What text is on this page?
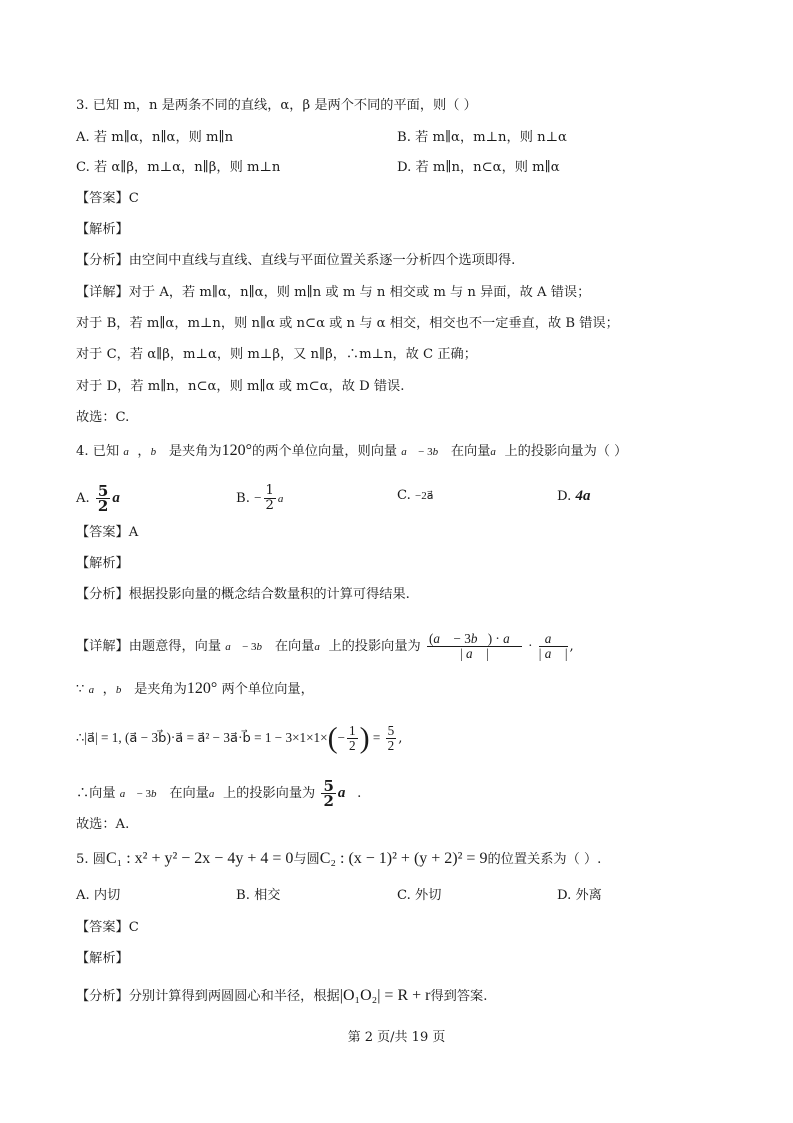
3. 已知 m，n 是两条不同的直线，α，β 是两个不同的平面，则（ ）
A. 若 m∥α，n∥α，则 m∥n	B. 若 m∥α，m⊥n，则 n⊥α
C. 若 α∥β，m⊥α，n∥β，则 m⊥n	D. 若 m∥n，n⊂α，则 m∥α
【答案】C
【解析】
【分析】由空间中直线与直线、直线与平面位置关系逐一分析四个选项即得.
【详解】对于 A，若 m∥α，n∥α，则 m∥n 或 m 与 n 相交或 m 与 n 异面，故 A 错误；
对于 B，若 m∥α，m⊥n，则 n∥α 或 n⊂α 或 n 与 α 相交，相交也不一定垂直，故 B 错误；
对于 C，若 α∥β，m⊥α，则 m⊥β，又 n∥β，∴m⊥n，故 C 正确；
对于 D，若 m∥n，n⊂α，则 m∥α 或 m⊂α，故 D 错误.
故选：C.
4. 已知 a⃗，b⃗ 是夹角为120°的两个单位向量，则向量 a⃗ − 3b⃗ 在向量a⃗上的投影向量为（ ）
A. $\frac{5}{2}$ a⃗	B. − $\frac{1}{2}$ a⃗	C. −2a⃗	D. 4a⃗
【答案】A
【解析】
【分析】根据投影向量的概念结合数量积的计算可得结果.
【详解】由题意得，向量 a⃗ − 3b⃗ 在向量a⃗上的投影向量为 $\frac{(a⃗ - 3b⃗) \cdot a⃗}{| a⃗ |} \cdot \frac{a⃗}{| a⃗ |}$ ,
∵ a⃗，b⃗ 是夹角为120° 两个单位向量，
∴|a⃗| = 1, (a⃗ − 3b⃗)·a⃗ = a⃗² − 3a⃗·b⃗ = $1 - 3\times 1\times 1\times(- \frac{1}{2}$ ) = $\frac{5}{2}$ ,
∴向量 a⃗ − 3b⃗ 在向量a⃗上的投影向量为 $\frac{5}{2}$ a⃗.
故选：A.
5. 圆C₁ : x² + y² − 2x − 4y + 4 = 0与圆C₂ : (x − 1)² + (y + 2)² = 9的位置关系为（ ）.
A. 内切	B. 相交	C. 外切	D. 外离
【答案】C
【解析】
【分析】分别计算得到两圆圆心和半径，根据|O₁O₂| = R + r得到答案.
第 2 页/共 19 页
